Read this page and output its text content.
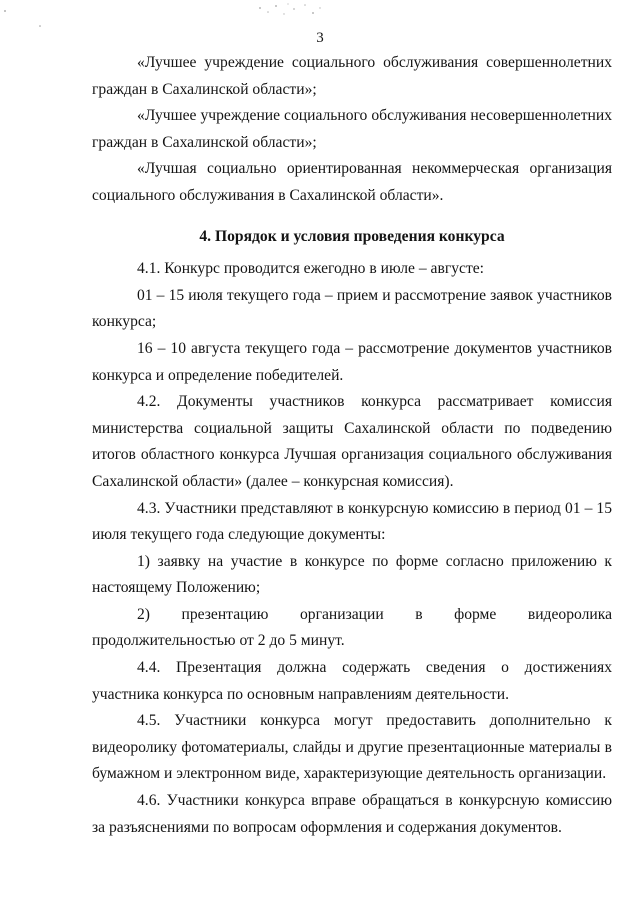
3

«Лучшее учреждение социального обслуживания совершеннолетних граждан в Сахалинской области»;

«Лучшее учреждение социального обслуживания несовершеннолетних граждан в Сахалинской области»;

«Лучшая социально ориентированная некоммерческая организация социального обслуживания в Сахалинской области».

4. Порядок и условия проведения конкурса

4.1. Конкурс проводится ежегодно в июле – августе:

01 – 15 июля текущего года – прием и рассмотрение заявок участников конкурса;

16 – 10 августа текущего года – рассмотрение документов участников конкурса и определение победителей.

4.2. Документы участников конкурса рассматривает комиссия министерства социальной защиты Сахалинской области по подведению итогов областного конкурса Лучшая организация социального обслуживания Сахалинской области» (далее – конкурсная комиссия).

4.3. Участники представляют в конкурсную комиссию в период 01 – 15 июля текущего года следующие документы:

1) заявку на участие в конкурсе по форме согласно приложению к настоящему Положению;

2) презентацию организации в форме видеоролика продолжительностью от 2 до 5 минут.

4.4. Презентация должна содержать сведения о достижениях участника конкурса по основным направлениям деятельности.

4.5. Участники конкурса могут предоставить дополнительно к видеоролику фотоматериалы, слайды и другие презентационные материалы в бумажном и электронном виде, характеризующие деятельность организации.

4.6. Участники конкурса вправе обращаться в конкурсную комиссию за разъяснениями по вопросам оформления и содержания документов.
